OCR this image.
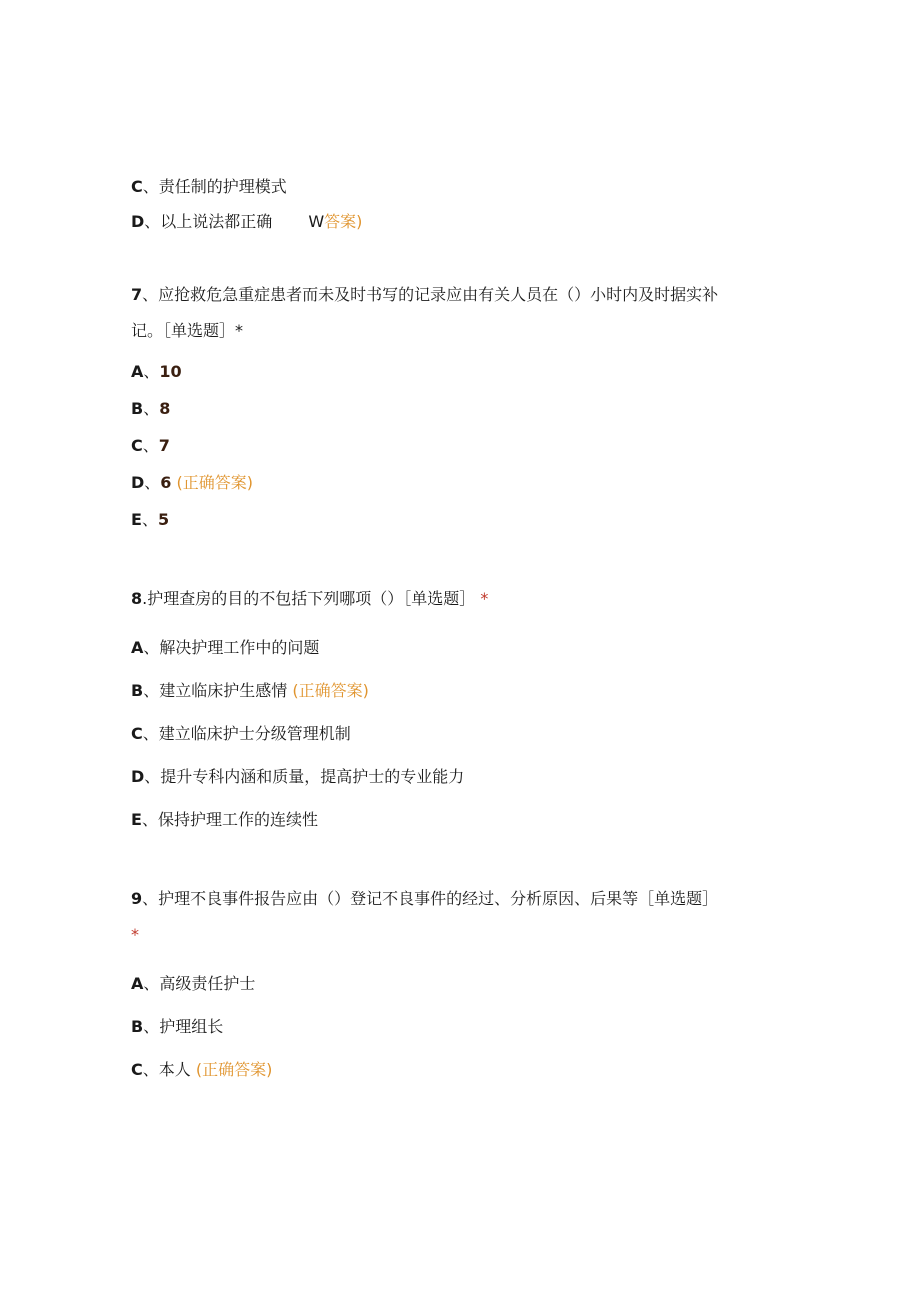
C、责任制的护理模式
D、以上说法都正确 W答案)
7、应抢救危急重症患者而未及时书写的记录应由有关人员在（）小时内及时据实补
记。［单选题］*
A、10
B、8
C、7
D、6 (正确答案)
E、5
8.护理查房的目的不包括下列哪项（）［单选题］ *
A、解决护理工作中的问题
B、建立临床护生感情 (正确答案)
C、建立临床护士分级管理机制
D、提升专科内涵和质量，提高护士的专业能力
E、保持护理工作的连续性
9、护理不良事件报告应由（）登记不良事件的经过、分析原因、后果等［单选题］
*
A、高级责任护士
B、护理组长
C、本人 (正确答案)
